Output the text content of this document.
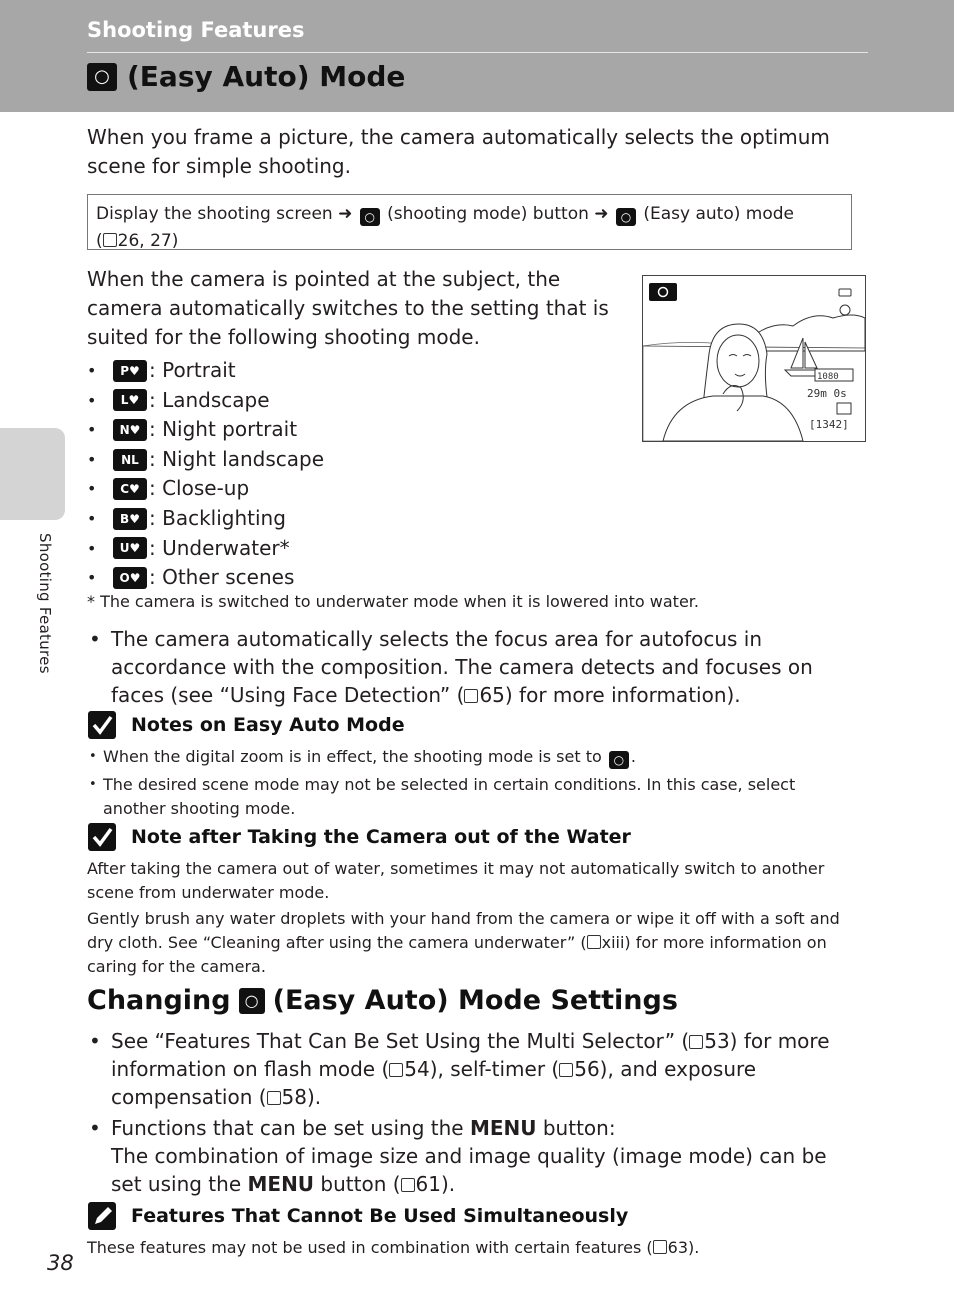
Shooting Features
○ (Easy Auto) Mode
Shooting Features
When you frame a picture, the camera automatically selects the optimum scene for simple shooting.
Display the shooting screen ➜ ○ (shooting mode) button ➜ ○ (Easy auto) mode
( 26, 27)
When the camera is pointed at the subject, the camera automatically switches to the setting that is suited for the following shooting mode.
1080
29m 0s
[1342]
•	P♥ : Portrait
•	L♥ : Landscape
•	N♥ : Night portrait
•	NL : Night landscape
•	C♥ : Close-up
•	B♥ : Backlighting
•	U♥ : Underwater*
•	O♥ : Other scenes
* The camera is switched to underwater mode when it is lowered into water.
• The camera automatically selects the focus area for autofocus in accordance with the composition. The camera detects and focuses on faces (see “Using Face Detection” ( 65) for more information).
Notes on Easy Auto Mode
• When the digital zoom is in effect, the shooting mode is set to ○ .
• The desired scene mode may not be selected in certain conditions. In this case, select another shooting mode.
Note after Taking the Camera out of the Water
After taking the camera out of water, sometimes it may not automatically switch to another scene from underwater mode.
Gently brush any water droplets with your hand from the camera or wipe it off with a soft and dry cloth. See “Cleaning after using the camera underwater” ( xiii) for more information on caring for the camera.
Changing ○ (Easy Auto) Mode Settings
• See “Features That Can Be Set Using the Multi Selector” ( 53) for more information on flash mode ( 54), self-timer ( 56), and exposure compensation ( 58).
• Functions that can be set using the MENU button:
The combination of image size and image quality (image mode) can be set using the MENU button ( 61).
Features That Cannot Be Used Simultaneously
These features may not be used in combination with certain features ( 63).
38
